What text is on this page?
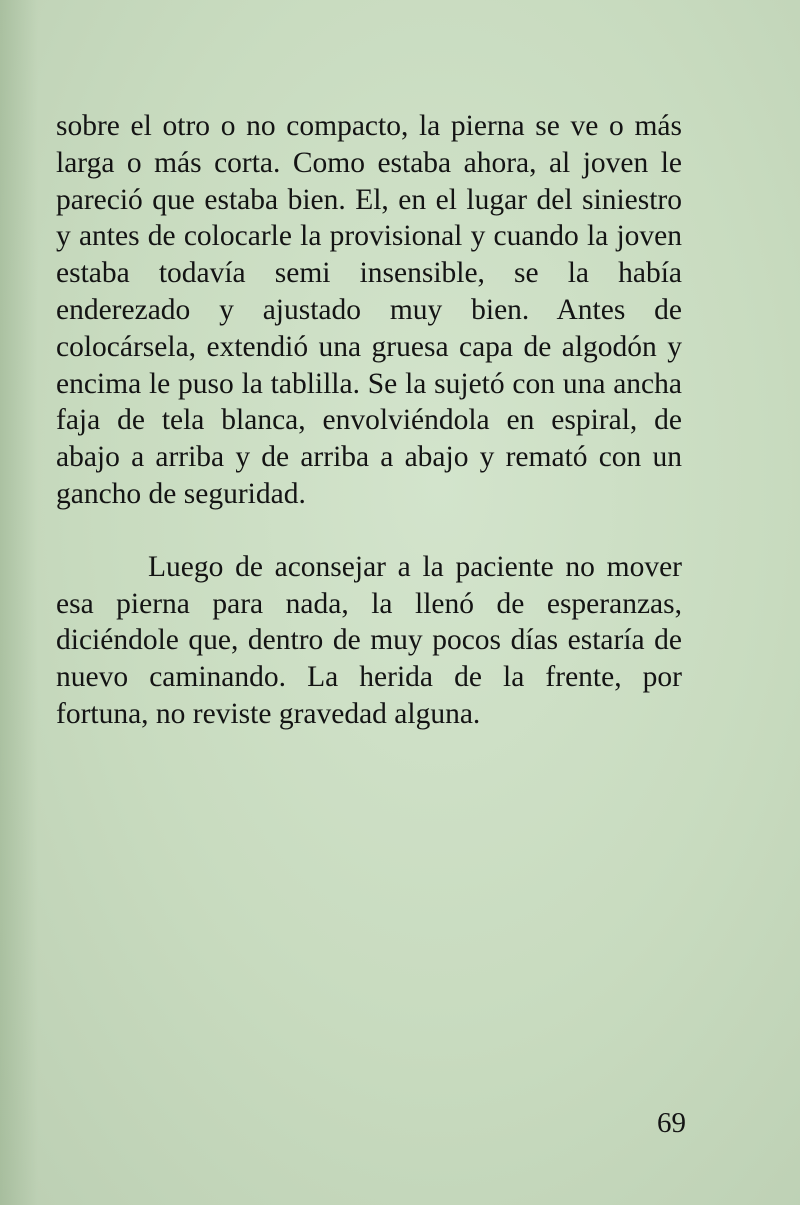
sobre el otro o no compacto, la pierna se ve o más larga o más corta. Como estaba ahora, al joven le pareció que estaba bien. El, en el lugar del siniestro y antes de colocarle la provisional y cuando la joven estaba todavía semi insensible, se la había enderezado y ajustado muy bien. Antes de colocársela, extendió una gruesa capa de algodón y encima le puso la tablilla. Se la sujetó con una ancha faja de tela blanca, envolviéndola en espiral, de abajo a arriba y de arriba a abajo y remató con un gancho de seguridad.

Luego de aconsejar a la paciente no mover esa pierna para nada, la llenó de esperanzas, diciéndole que, dentro de muy pocos días estaría de nuevo caminando. La herida de la frente, por fortuna, no reviste gravedad alguna.

69
